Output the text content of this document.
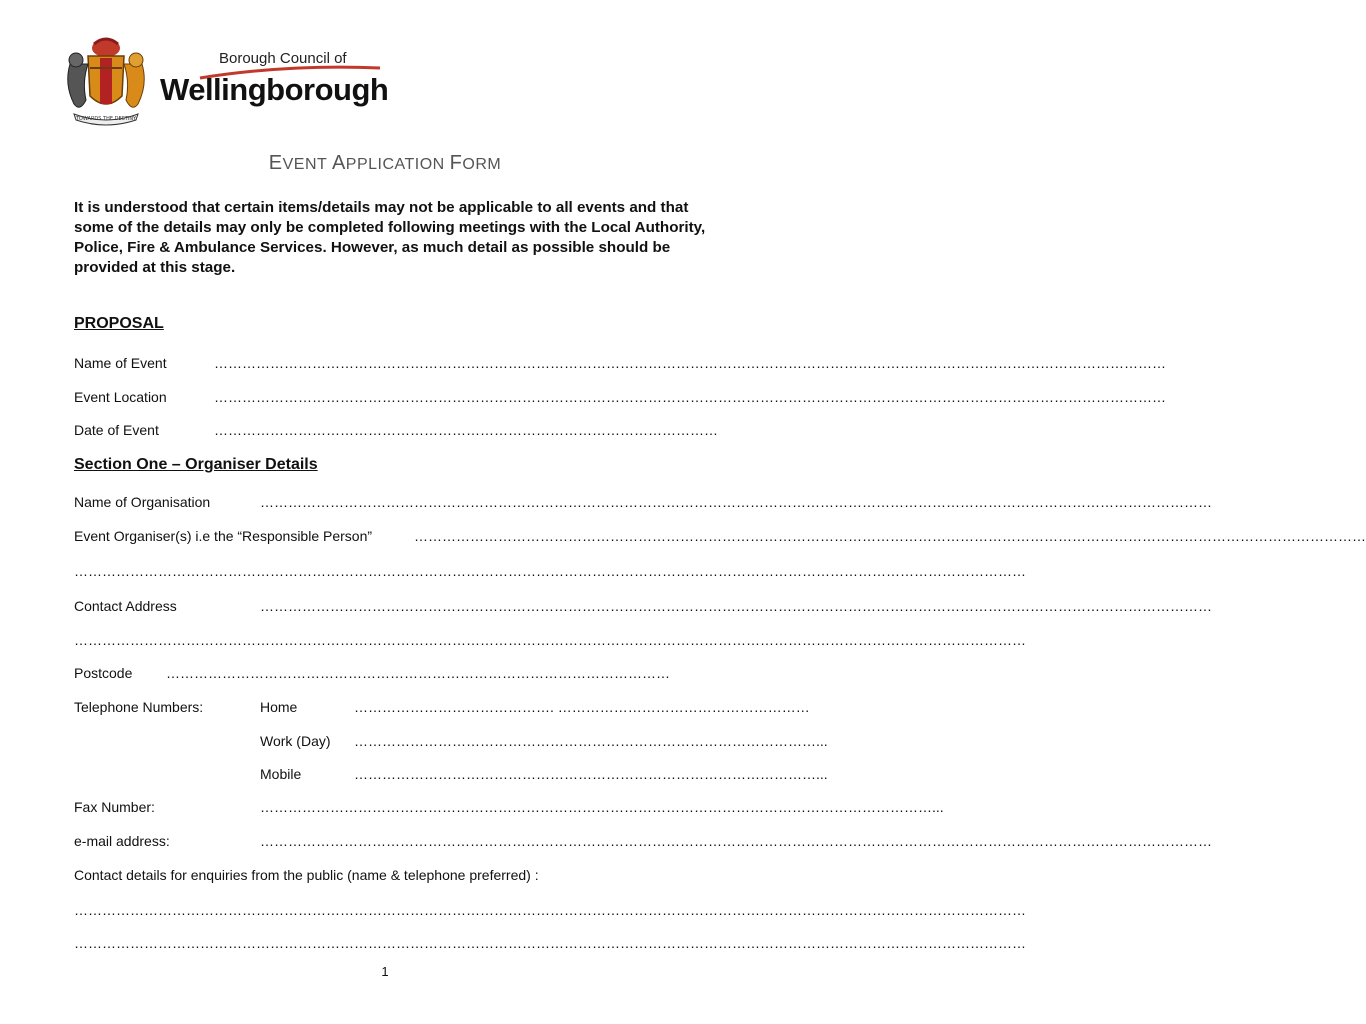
TOWARDS THE DESTINY
Borough Council of
Wellingborough
EVENT APPLICATION FORM
It is understood that certain items/details may not be applicable to all events and that some of the details may only be completed following meetings with the Local Authority, Police, Fire & Ambulance Services. However, as much detail as possible should be provided at this stage.
PROPOSAL
Name of Event	……………………………………………………………………………………………………………………………………………………………………………………
Event Location	……………………………………………………………………………………………………………………………………………………………………………………
Date of Event	………………………………………………………………………………………………
Section One – Organiser Details
Name of Organisation	……………………………………………………………………………………………………………………………………………………………………………………
Event Organiser(s) i.e the “Responsible Person”	……………………………………………………………………………………………………………………………………………………………………………………
……………………………………………………………………………………………………………………………………………………………………………………
Contact Address	……………………………………………………………………………………………………………………………………………………………………………………
……………………………………………………………………………………………………………………………………………………………………………………
Postcode ………………………………………………………………………………………………
Telephone Numbers:	Home	……………………………………. ………………………………………………
Work (Day) ………………………………………………………………………………………...
Mobile	………………………………………………………………………………………...
Fax Number:	………………………………………………………………………………………………………………………………...
e-mail address:	……………………………………………………………………………………………………………………………………………………………………………………
Contact details for enquiries from the public (name & telephone preferred) :
……………………………………………………………………………………………………………………………………………………………………………………
……………………………………………………………………………………………………………………………………………………………………………………
1
